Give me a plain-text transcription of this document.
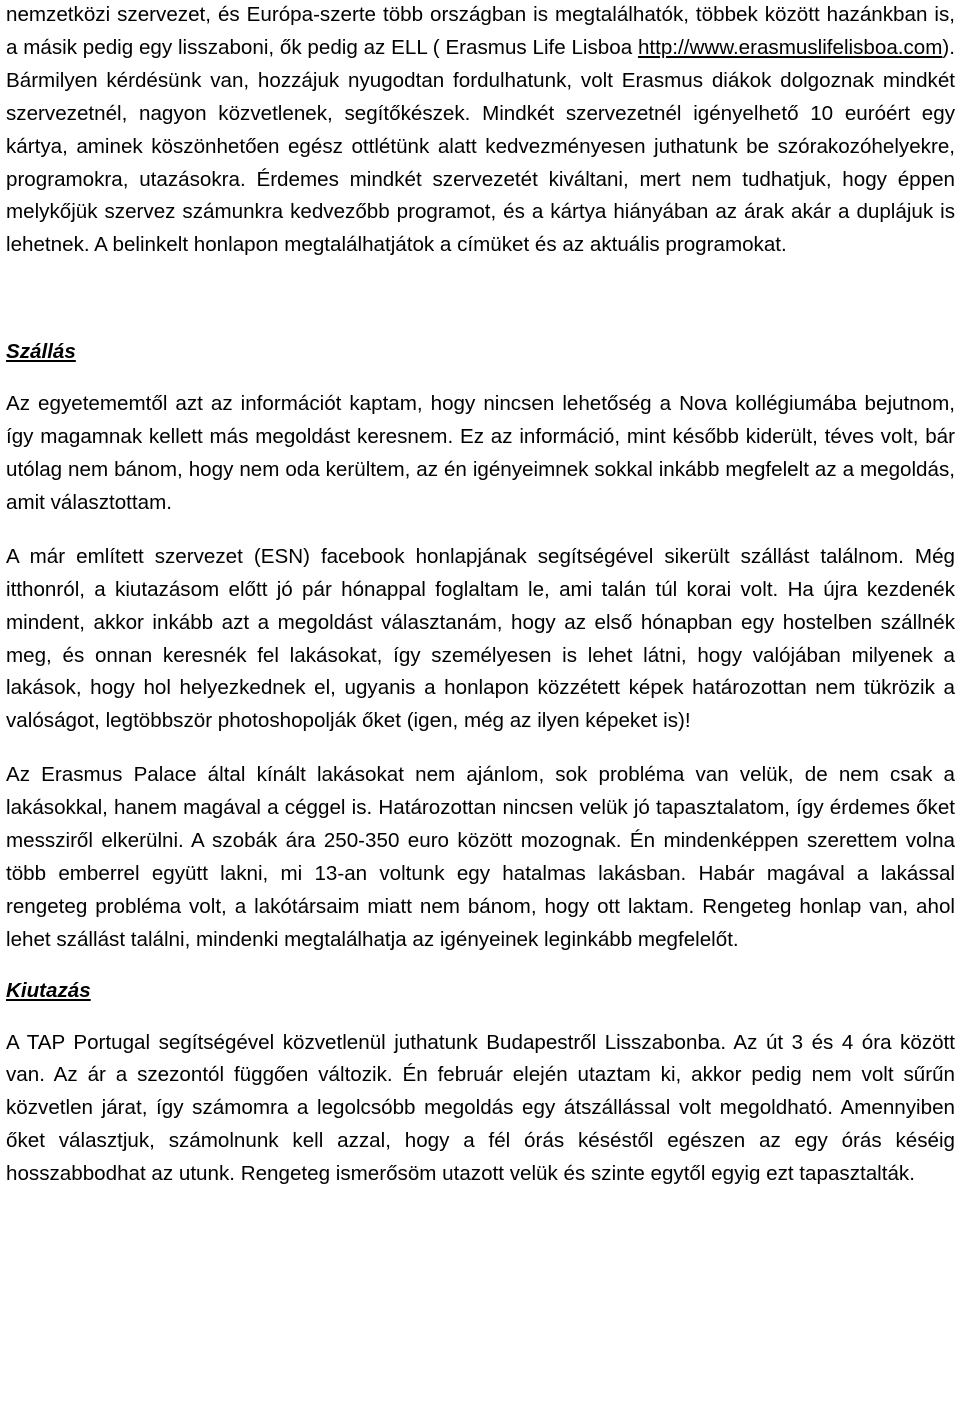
nemzetközi szervezet, és Európa-szerte több országban is megtalálhatók, többek között hazánkban is, a másik pedig egy lisszaboni, ők pedig az ELL ( Erasmus Life Lisboa http://www.erasmuslifelisboa.com). Bármilyen kérdésünk van, hozzájuk nyugodtan fordulhatunk, volt Erasmus diákok dolgoznak mindkét szervezetnél, nagyon közvetlenek, segítőkészek. Mindkét szervezetnél igényelhető 10 euróért egy kártya, aminek köszönhetően egész ottlétünk alatt kedvezményesen juthatunk be szórakozóhelyekre, programokra, utazásokra. Érdemes mindkét szervezetét kiváltani, mert nem tudhatjuk, hogy éppen melykőjük szervez számunkra kedvezőbb programot, és a kártya hiányában az árak akár a duplájuk is lehetnek. A belinkelt honlapon megtalálhatjátok a címüket és az aktuális programokat.

Szállás

Az egyetememtől azt az információt kaptam, hogy nincsen lehetőség a Nova kollégiumába bejutnom, így magamnak kellett más megoldást keresnem. Ez az információ, mint később kiderült, téves volt, bár utólag nem bánom, hogy nem oda kerültem, az én igényeimnek sokkal inkább megfelelt az a megoldás, amit választottam.

A már említett szervezet (ESN) facebook honlapjának segítségével sikerült szállást találnom. Még itthonról, a kiutazásom előtt jó pár hónappal foglaltam le, ami talán túl korai volt. Ha újra kezdenék mindent, akkor inkább azt a megoldást választanám, hogy az első hónapban egy hostelben szállnék meg, és onnan keresnék fel lakásokat, így személyesen is lehet látni, hogy valójában milyenek a lakások, hogy hol helyezkednek el, ugyanis a honlapon közzétett képek határozottan nem tükrözik a valóságot, legtöbbször photoshopolják őket (igen, még az ilyen képeket is)!

Az Erasmus Palace által kínált lakásokat nem ajánlom, sok probléma van velük, de nem csak a lakásokkal, hanem magával a céggel is. Határozottan nincsen velük jó tapasztalatom, így érdemes őket messziről elkerülni. A szobák ára 250-350 euro között mozognak. Én mindenképpen szerettem volna több emberrel együtt lakni, mi 13-an voltunk egy hatalmas lakásban. Habár magával a lakással rengeteg probléma volt, a lakótársaim miatt nem bánom, hogy ott laktam. Rengeteg honlap van, ahol lehet szállást találni, mindenki megtalálhatja az igényeinek leginkább megfelelőt.

Kiutazás

A TAP Portugal segítségével közvetlenül juthatunk Budapestről Lisszabonba. Az út 3 és 4 óra között van. Az ár a szezontól függően változik. Én február elején utaztam ki, akkor pedig nem volt sűrűn közvetlen járat, így számomra a legolcsóbb megoldás egy átszállással volt megoldható. Amennyiben őket választjuk, számolnunk kell azzal, hogy a fél órás késéstől egészen az egy órás késéig hosszabbodhat az utunk. Rengeteg ismerősöm utazott velük és szinte egytől egyig ezt tapasztalták.
